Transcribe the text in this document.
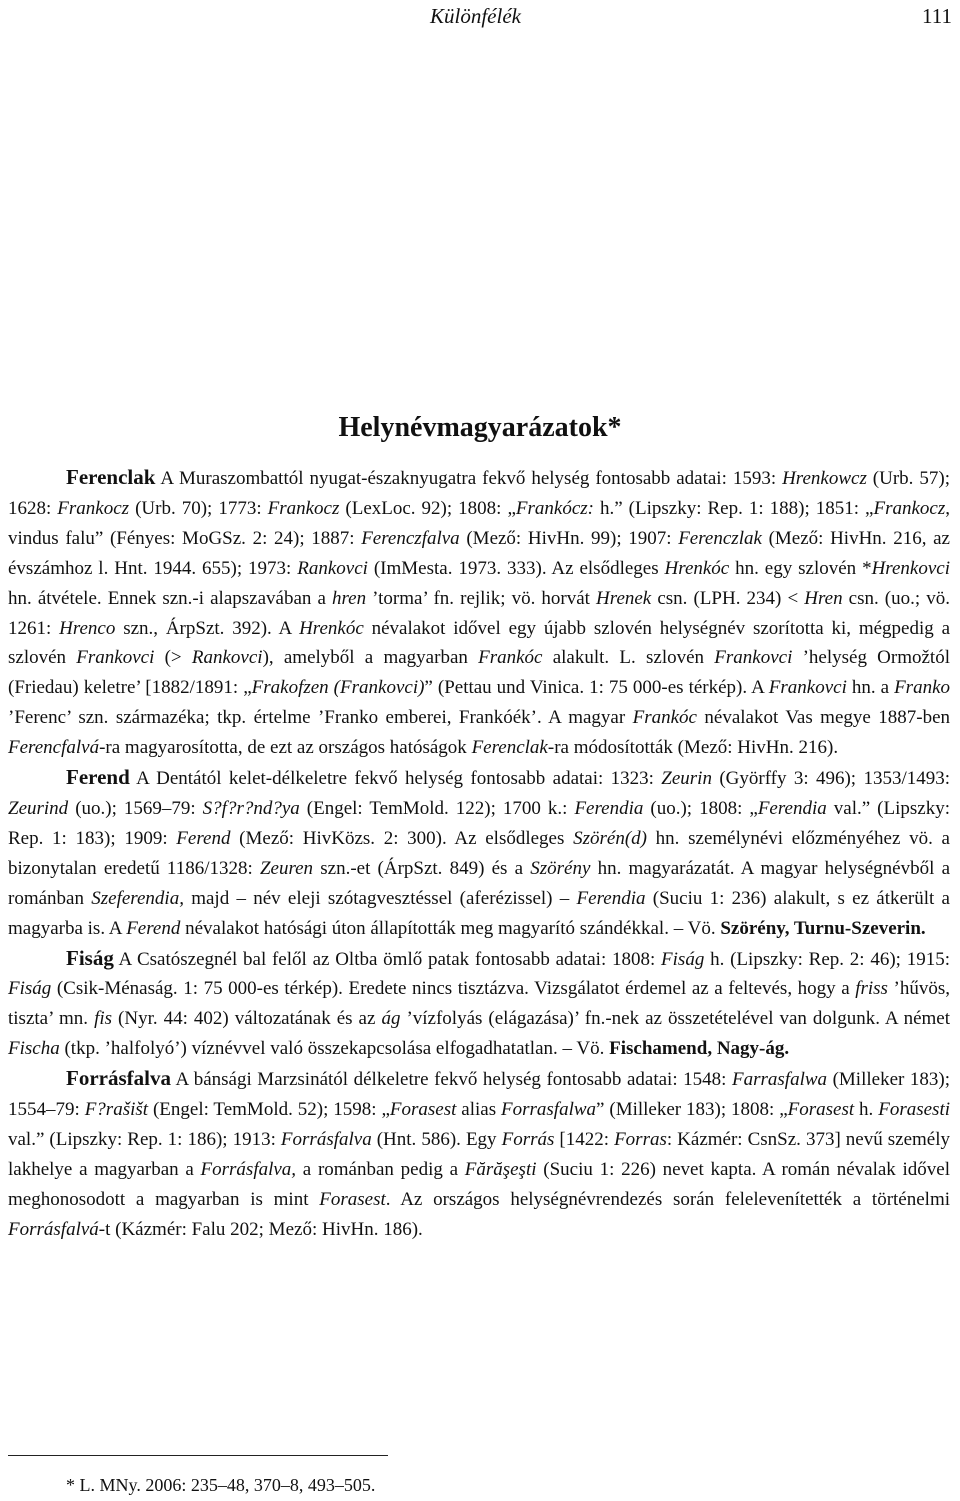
Különfélék	111
Helynévmagyarázatok*

Ferenclak A Muraszombattól nyugat-északnyugatra fekvő helység fontosabb adatai: 1593: Hrenkowcz (Urb. 57); 1628: Frankocz (Urb. 70); 1773: Frankocz (LexLoc. 92); 1808: „Frankócz: h.” (Lipszky: Rep. 1: 188); 1851: „Frankocz, vindus falu” (Fényes: MoGSz. 2: 24); 1887: Ferenczfalva (Mező: HivHn. 99); 1907: Ferenczlak (Mező: HivHn. 216, az évszámhoz l. Hnt. 1944. 655); 1973: Rankovci (ImMesta. 1973. 333). Az elsődleges Hrenkóc hn. egy szlovén *Hrenkovci hn. átvétele. Ennek szn.-i alapszavában a hren ’torma’ fn. rejlik; vö. horvát Hrenek csn. (LPH. 234) < Hren csn. (uo.; vö. 1261: Hrenco szn., ÁrpSzt. 392). A Hrenkóc névalakot idővel egy újabb szlovén helységnév szorította ki, mégpedig a szlovén Frankovci (> Rankovci), amelyből a magyarban Frankóc alakult. L. szlovén Frankovci ’helység Ormožtól (Friedau) keletre’ [1882/1891: „Frakofzen (Frankovci)” (Pettau und Vinica. 1: 75 000-es térkép). A Frankovci hn. a Franko ’Ferenc’ szn. származéka; tkp. értelme ’Franko emberei, Frankóék’. A magyar Frankóc névalakot Vas megye 1887-ben Ferencfalvá-ra magyarosította, de ezt az országos hatóságok Ferenclak-ra módosították (Mező: HivHn. 216).

Ferend A Dentától kelet-délkeletre fekvő helység fontosabb adatai: 1323: Zeurin (Györffy 3: 496); 1353/1493: Zeurind (uo.); 1569–79: S?f?r?nd?ya (Engel: TemMold. 122); 1700 k.: Ferendia (uo.); 1808: „Ferendia val.” (Lipszky: Rep. 1: 183); 1909: Ferend (Mező: HivKözs. 2: 300). Az elsődleges Szörén(d) hn. személynévi előzményéhez vö. a bizonytalan eredetű 1186/1328: Zeuren szn.-et (ÁrpSzt. 849) és a Szörény hn. magyarázatát. A magyar helységnévből a románban Szeferendia, majd – név eleji szótagvesztéssel (aferézissel) – Ferendia (Suciu 1: 236) alakult, s ez átkerült a magyarba is. A Ferend névalakot hatósági úton állapították meg magyarító szándékkal. – Vö. Szörény, Turnu-Szeverin.

Fiság A Csatószegnél bal felől az Oltba ömlő patak fontosabb adatai: 1808: Fiság h. (Lipszky: Rep. 2: 46); 1915: Fiság (Csik-Ménaság. 1: 75 000-es térkép). Eredete nincs tisztázva. Vizsgálatot érdemel az a feltevés, hogy a friss ’hűvös, tiszta’ mn. fis (Nyr. 44: 402) változatának és az ág ’vízfolyás (elágazása)’ fn.-nek az összetételével van dolgunk. A német Fischa (tkp. ’halfolyó’) víznévvel való összekapcsolása elfogadhatatlan. – Vö. Fischamend, Nagy-ág.

Forrásfalva A bánsági Marzsinától délkeletre fekvő helység fontosabb adatai: 1548: Farrasfalwa (Milleker 183); 1554–79: F?rašišt (Engel: TemMold. 52); 1598: „Forasest alias Forrasfalwa” (Milleker 183); 1808: „Forasest h. Forasesti val.” (Lipszky: Rep. 1: 186); 1913: Forrásfalva (Hnt. 586). Egy Forrás [1422: Forras: Kázmér: CsnSz. 373] nevű személy lakhelye a magyarban a Forrásfalva, a románban pedig a Fărăşeşti (Suciu 1: 226) nevet kapta. A román névalak idővel meghonosodott a magyarban is mint Forasest. Az országos helységnévrendezés során felelevenítették a történelmi Forrásfalvá-t (Kázmér: Falu 202; Mező: HivHn. 186).

* L. MNy. 2006: 235–48, 370–8, 493–505.
